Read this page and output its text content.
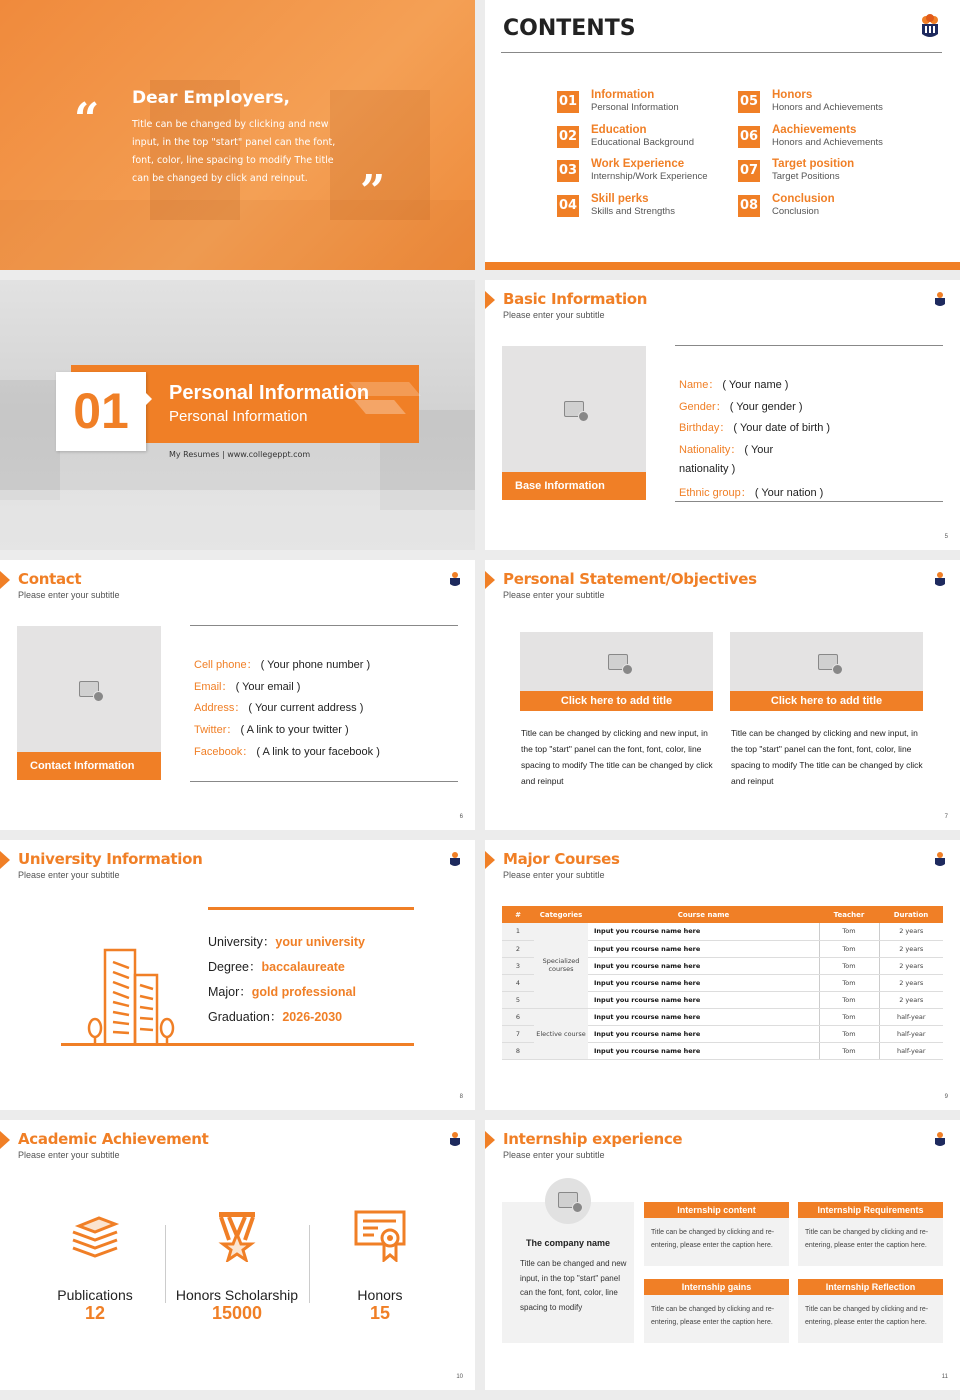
“ Dear Employers,
Title can be changed by clicking and new input, in the top "start" panel can the font, font, color, line spacing to modify The title can be changed by click and reinput.	”
CONTENTS
01 Information
Personal Information
02 Education
Educational Background
03 Work Experience
Internship/Work Experience
04 Skill perks
Skills and Strengths
05 Honors
Honors and Achievements
06 Aachievements
Honors and Achievements
07 Target position
Target Positions
08 Conclusion
Conclusion
01	Personal Information
Personal Information
My Resumes | www.collegeppt.com
Basic Information
Please enter your subtitle
Base Information
Name： ( Your name )
Gender： ( Your gender )
Birthday： ( Your date of birth )
Nationality： ( Your
nationality )
Ethnic group： ( Your nation )
5
Contact
Please enter your subtitle
Contact Information
Cell phone： ( Your phone number )
Email： ( Your email )
Address： ( Your current address )
Twitter： ( A link to your twitter )
Facebook： ( A link to your facebook )
6
Personal Statement/Objectives
Please enter your subtitle
Click here to add title
Title can be changed by clicking and new input, in the top "start" panel can the font, font, color, line spacing to modify The title can be changed by click and reinput
Click here to add title
Title can be changed by clicking and new input, in the top "start" panel can the font, font, color, line spacing to modify The title can be changed by click and reinput
7
University Information
Please enter your subtitle
University：your university
Degree：baccalaureate
Major：gold professional
Graduation：2026-2030
8
Major Courses
Please enter your subtitle
#	Categories	Course name	Teacher	Duration
1	Specialized courses	Input you rcourse name here	Tom	2 years
2		Input you rcourse name here	Tom	2 years
3		Input you rcourse name here	Tom	2 years
4		Input you rcourse name here	Tom	2 years
5		Input you rcourse name here	Tom	2 years
6	Elective course	Input you rcourse name here	Tom	half-year
7		Input you rcourse name here	Tom	half-year
8		Input you rcourse name here	Tom	half-year
9
Academic Achievement
Please enter your subtitle
Publications
12
Honors Scholarship
15000
Honors
15
10
Internship experience
Please enter your subtitle
The company name
Title can be changed and new input, in the top "start" panel can the font, font, color, line spacing to modify
Internship content
Title can be changed by clicking and re-entering, please enter the caption here.
Internship Requirements
Title can be changed by clicking and re-entering, please enter the caption here.
Internship gains
Title can be changed by clicking and re-entering, please enter the caption here.
Internship Reflection
Title can be changed by clicking and re-entering, please enter the caption here.
11
